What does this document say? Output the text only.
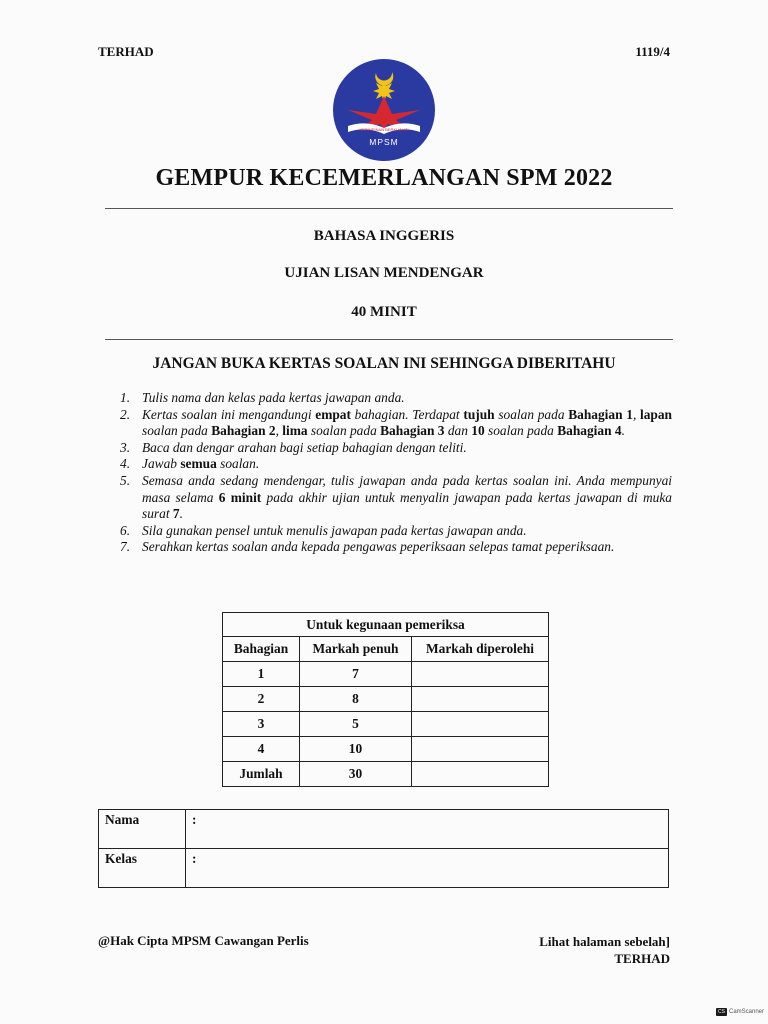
TERHAD	1119/4
KEPIMPINAN BERKUALITI
MPSM
GEMPUR KECEMERLANGAN SPM 2022
BAHASA INGGERIS
UJIAN LISAN MENDENGAR
40 MINIT
JANGAN BUKA KERTAS SOALAN INI SEHINGGA DIBERITAHU
1. Tulis nama dan kelas pada kertas jawapan anda.
2. Kertas soalan ini mengandungi empat bahagian. Terdapat tujuh soalan pada Bahagian 1, lapan soalan pada Bahagian 2, lima soalan pada Bahagian 3 dan 10 soalan pada Bahagian 4.
3. Baca dan dengar arahan bagi setiap bahagian dengan teliti.
4. Jawab semua soalan.
5. Semasa anda sedang mendengar, tulis jawapan anda pada kertas soalan ini. Anda mempunyai masa selama 6 minit pada akhir ujian untuk menyalin jawapan pada kertas jawapan di muka surat 7.
6. Sila gunakan pensel untuk menulis jawapan pada kertas jawapan anda.
7. Serahkan kertas soalan anda kepada pengawas peperiksaan selepas tamat peperiksaan.
Untuk kegunaan pemeriksa		
Bahagian	Markah penuh	Markah diperolehi
1	7	
2	8	
3	5	
4	10	
Jumlah	30	
Nama	:
Kelas	:
@Hak Cipta MPSM Cawangan Perlis	Lihat halaman sebelah]
TERHAD
CS CamScanner
